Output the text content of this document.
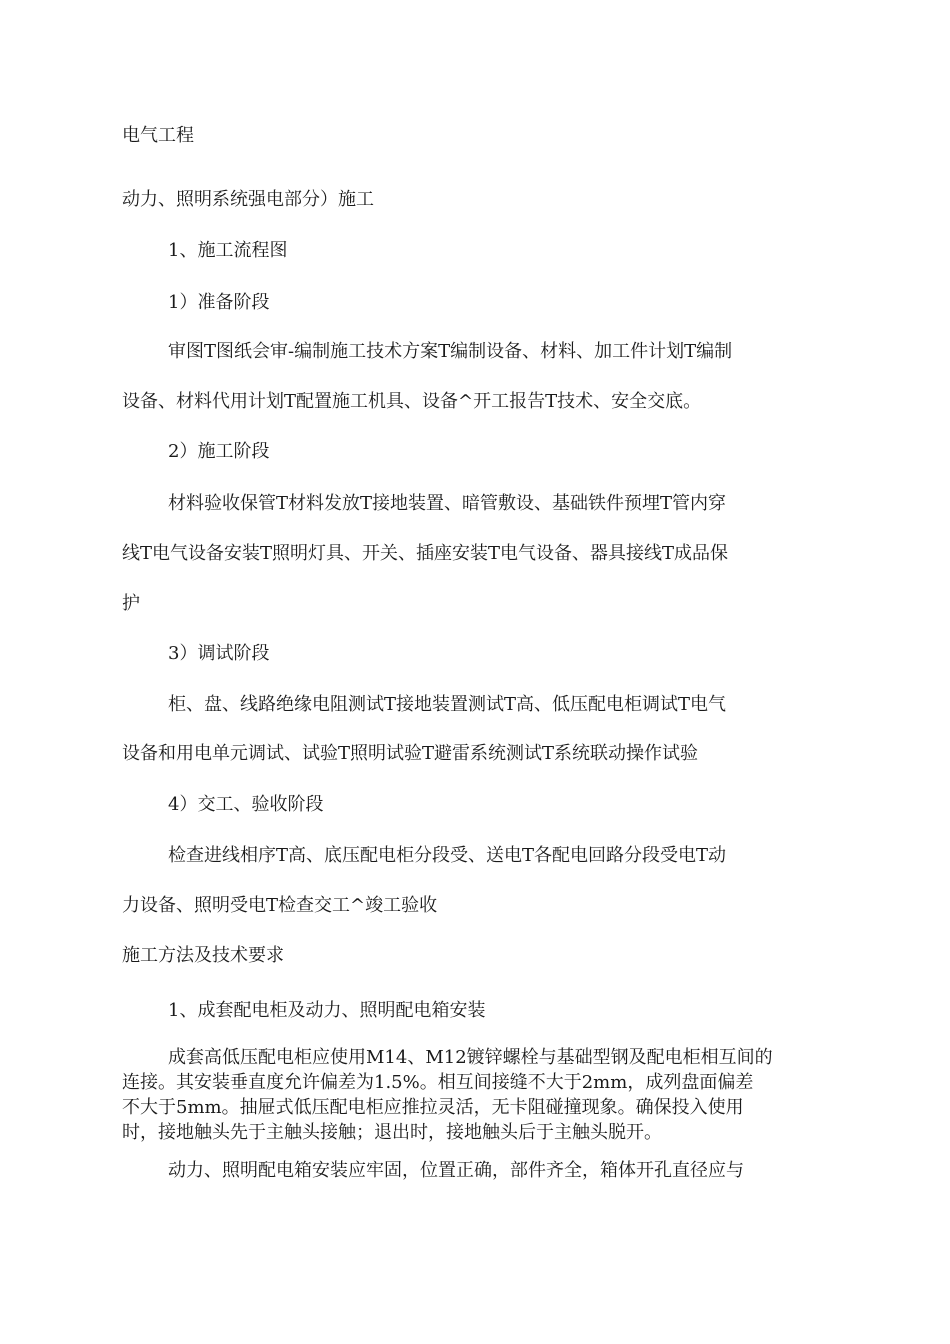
电气工程

动力、照明系统强电部分）施工

1、施工流程图

1）准备阶段

审图T图纸会审-编制施工技术方案T编制设备、材料、加工件计划T编制

设备、材料代用计划T配置施工机具、设备^开工报告T技术、安全交底。

2）施工阶段

材料验收保管T材料发放T接地装置、暗管敷设、基础铁件预埋T管内穿

线T电气设备安装T照明灯具、开关、插座安装T电气设备、器具接线T成品保

护

3）调试阶段

柜、盘、线路绝缘电阻测试T接地装置测试T高、低压配电柜调试T电气

设备和用电单元调试、试验T照明试验T避雷系统测试T系统联动操作试验

4）交工、验收阶段

检查进线相序T高、底压配电柜分段受、送电T各配电回路分段受电T动

力设备、照明受电T检查交工^竣工验收

施工方法及技术要求

1、成套配电柜及动力、照明配电箱安装

成套高低压配电柜应使用M14、M12镀锌螺栓与基础型钢及配电柜相互间的

连接。其安装垂直度允许偏差为1.5%。相互间接缝不大于2mm，成列盘面偏差

不大于5mm。抽屉式低压配电柜应推拉灵活，无卡阻碰撞现象。确保投入使用

时，接地触头先于主触头接触；退出时，接地触头后于主触头脱开。

动力、照明配电箱安装应牢固，位置正确，部件齐全，箱体开孔直径应与
